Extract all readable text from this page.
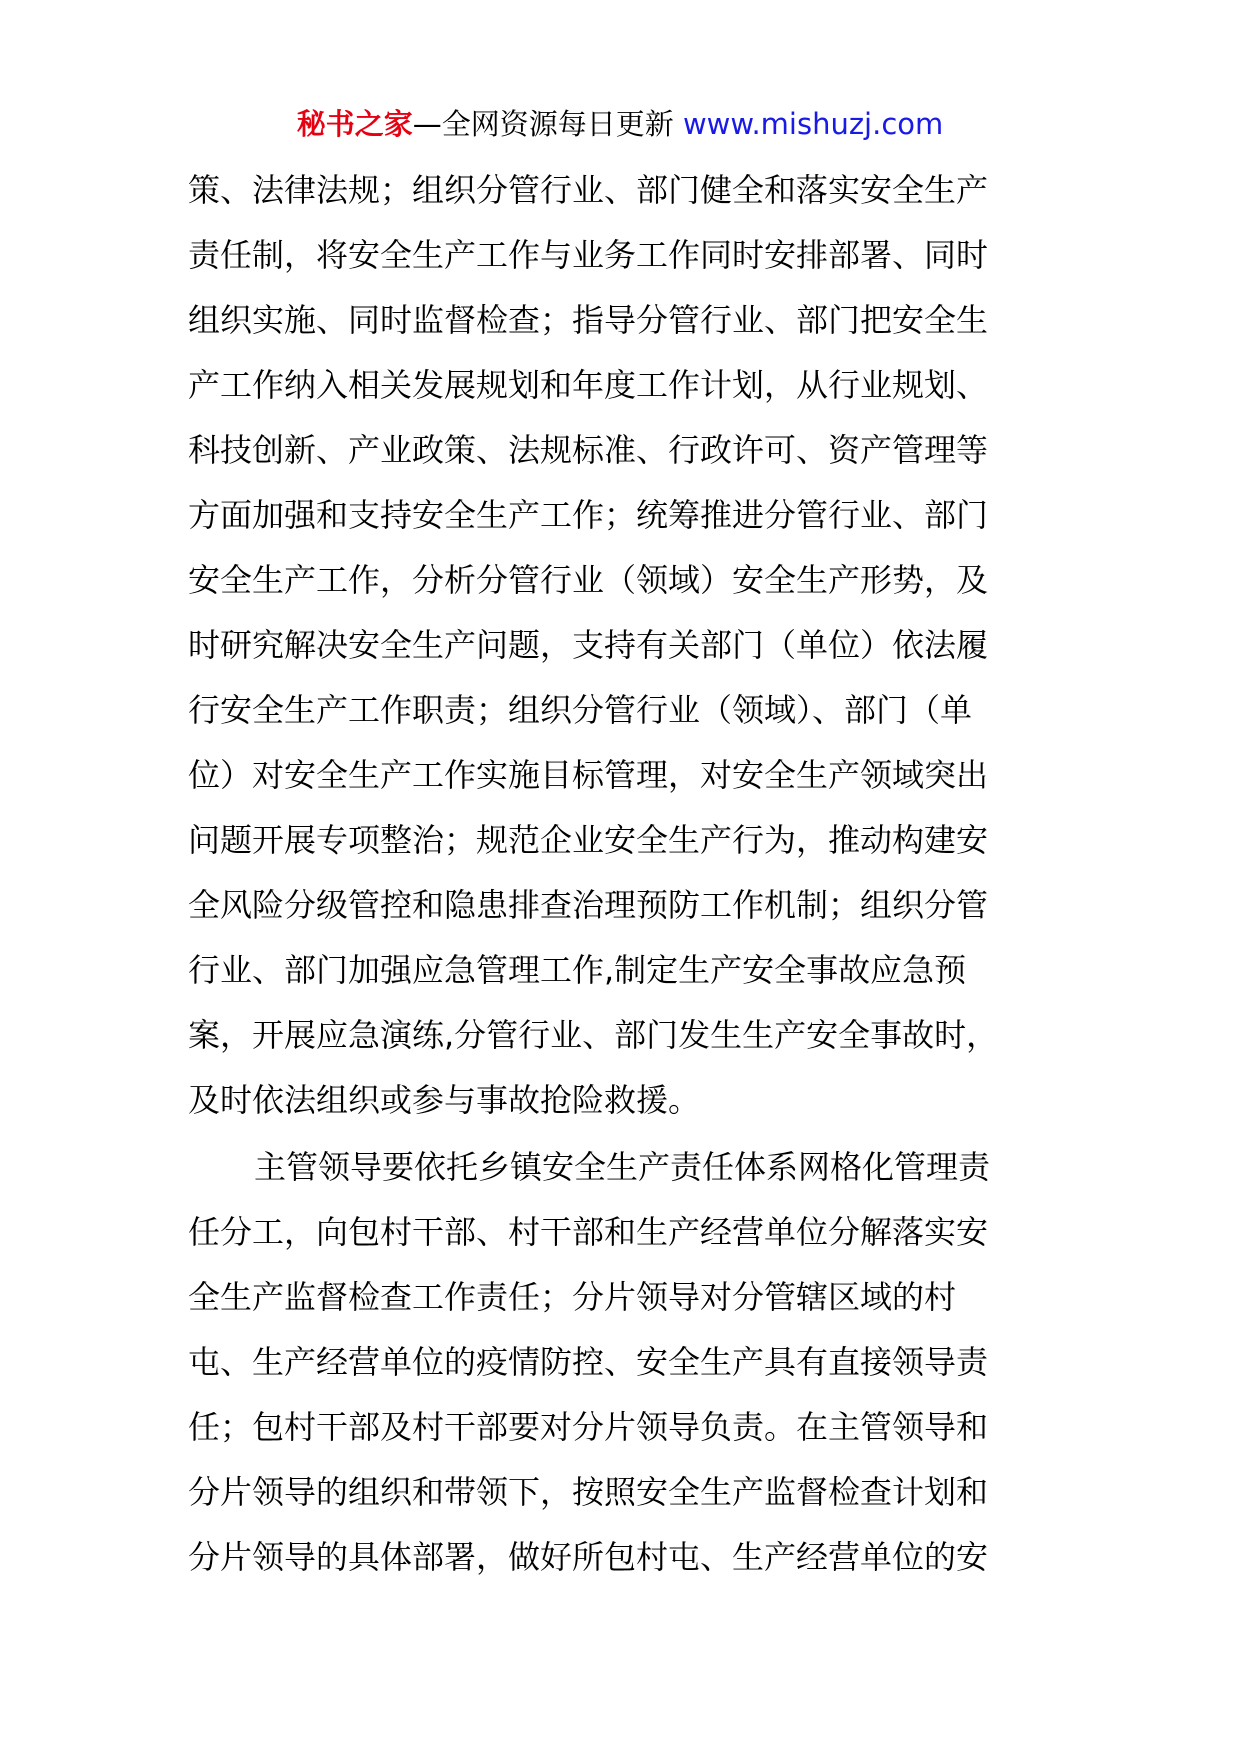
秘书之家—全网资源每日更新 www.mishuzj.com
策、法律法规；组织分管行业、部门健全和落实安全生产
责任制，将安全生产工作与业务工作同时安排部署、同时
组织实施、同时监督检查；指导分管行业、部门把安全生
产工作纳入相关发展规划和年度工作计划，从行业规划、
科技创新、产业政策、法规标准、行政许可、资产管理等
方面加强和支持安全生产工作；统筹推进分管行业、部门
安全生产工作，分析分管行业（领域）安全生产形势，及
时研究解决安全生产问题，支持有关部门（单位）依法履
行安全生产工作职责；组织分管行业（领域）、部门（单
位）对安全生产工作实施目标管理，对安全生产领域突出
问题开展专项整治；规范企业安全生产行为，推动构建安
全风险分级管控和隐患排查治理预防工作机制；组织分管
行业、部门加强应急管理工作,制定生产安全事故应急预
案，开展应急演练,分管行业、部门发生生产安全事故时，
及时依法组织或参与事故抢险救援。
主管领导要依托乡镇安全生产责任体系网格化管理责
任分工，向包村干部、村干部和生产经营单位分解落实安
全生产监督检查工作责任；分片领导对分管辖区域的村
屯、生产经营单位的疫情防控、安全生产具有直接领导责
任；包村干部及村干部要对分片领导负责。在主管领导和
分片领导的组织和带领下，按照安全生产监督检查计划和
分片领导的具体部署，做好所包村屯、生产经营单位的安
